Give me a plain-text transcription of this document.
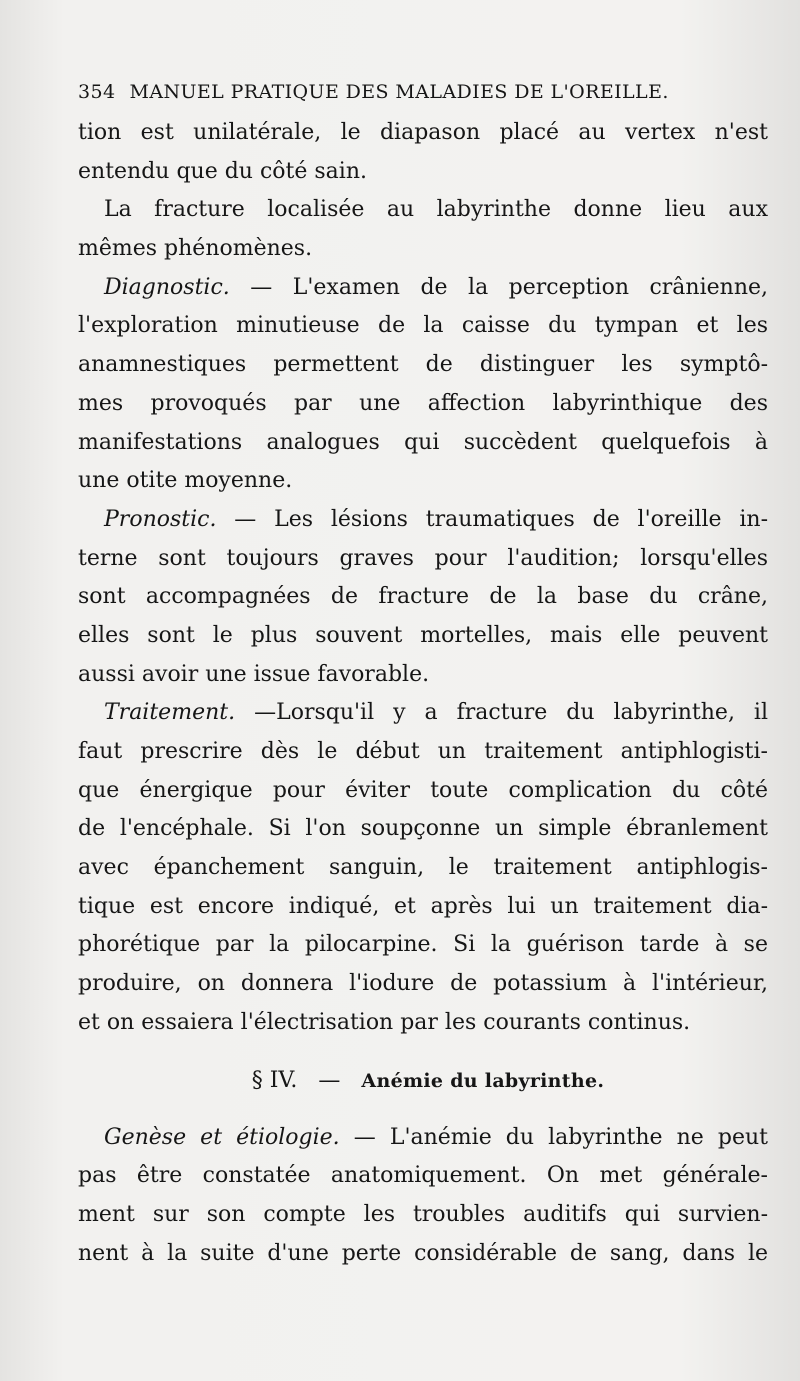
354 MANUEL PRATIQUE DES MALADIES DE L'OREILLE.
tion est unilatérale, le diapason placé au vertex n'est
entendu que du côté sain.
La fracture localisée au labyrinthe donne lieu aux
mêmes phénomènes.
Diagnostic. — L'examen de la perception crânienne,
l'exploration minutieuse de la caisse du tympan et les
anamnestiques permettent de distinguer les symptô-
mes provoqués par une affection labyrinthique des
manifestations analogues qui succèdent quelquefois à
une otite moyenne.
Pronostic. — Les lésions traumatiques de l'oreille in-
terne sont toujours graves pour l'audition; lorsqu'elles
sont accompagnées de fracture de la base du crâne,
elles sont le plus souvent mortelles, mais elle peuvent
aussi avoir une issue favorable.
Traitement. —Lorsqu'il y a fracture du labyrinthe, il
faut prescrire dès le début un traitement antiphlogisti-
que énergique pour éviter toute complication du côté
de l'encéphale. Si l'on soupçonne un simple ébranlement
avec épanchement sanguin, le traitement antiphlogis-
tique est encore indiqué, et après lui un traitement dia-
phorétique par la pilocarpine. Si la guérison tarde à se
produire, on donnera l'iodure de potassium à l'intérieur,
et on essaiera l'électrisation par les courants continus.
§ IV. — Anémie du labyrinthe.
Genèse et étiologie. — L'anémie du labyrinthe ne peut
pas être constatée anatomiquement. On met générale-
ment sur son compte les troubles auditifs qui survien-
nent à la suite d'une perte considérable de sang, dans le
